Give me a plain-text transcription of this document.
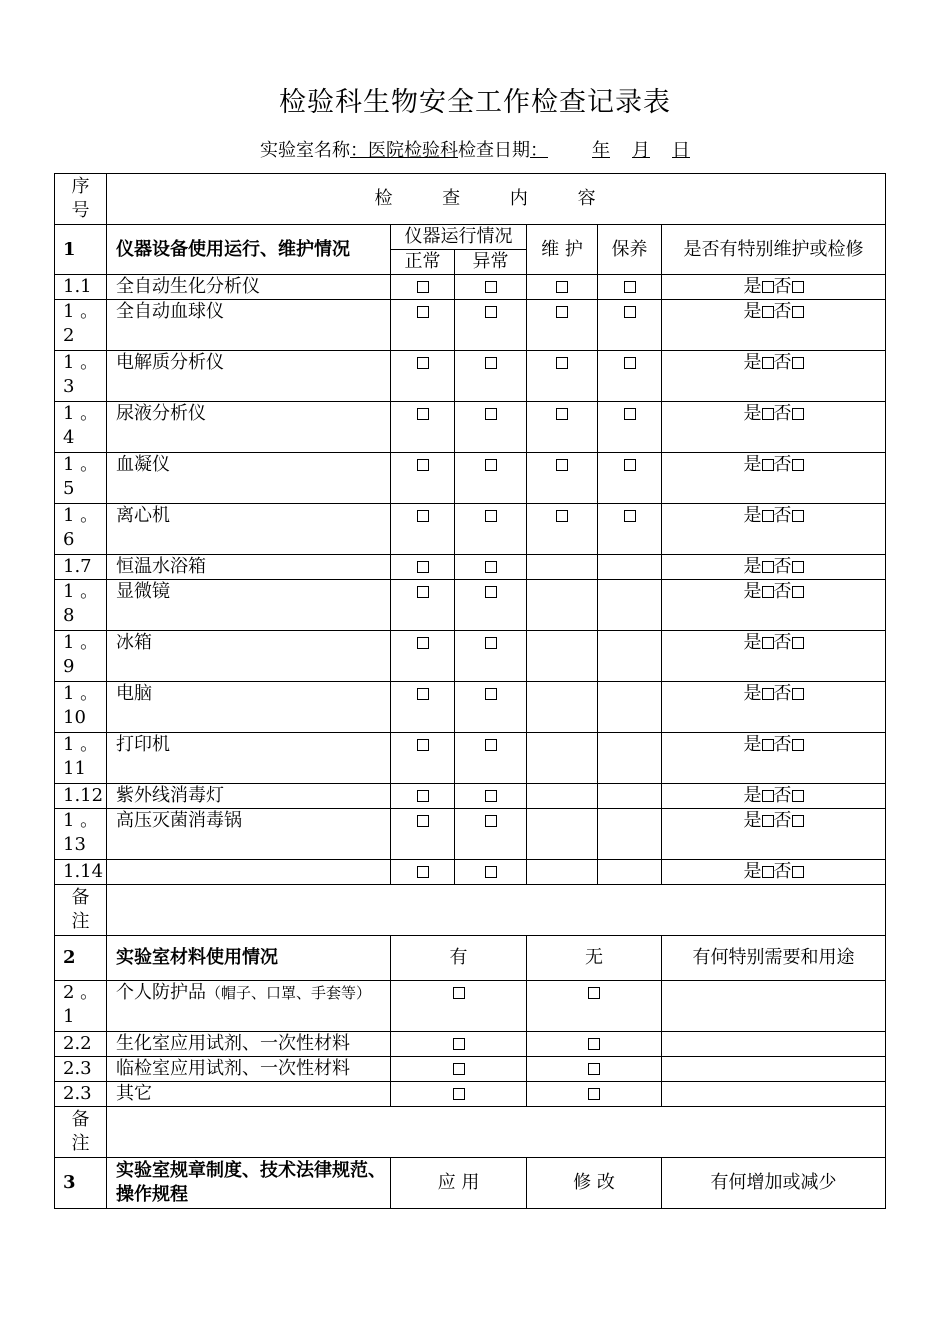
检验科生物安全工作检查记录表
实验室名称：医院检验科检查日期： 年 月 日
序号	检 查 内 容					
1	仪器设备使用运行、维护情况	仪器运行情况		维 护	保养	是否有特别维护或检修
		正常	异常			
1.1	全自动生化分析仪					是 否
1 。2	全自动血球仪					是 否
1 。3	电解质分析仪					是 否
1 。4	尿液分析仪					是 否
1 。5	血凝仪					是 否
1 。6	离心机					是 否
1.7	恒温水浴箱					是 否
1 。8	显微镜					是 否
1 。9	冰箱					是 否
1 。10	电脑					是 否
1 。11	打印机					是 否
1.12	紫外线消毒灯					是 否
1 。13	高压灭菌消毒锅					是 否
1.14						是 否

备注						

2	实验室材料使用情况	有		无		有何特别需要和用途
2 。1	个人防护品（帽子、口罩、手套等）					
2.2	生化室应用试剂、一次性材料					
2.3	临检室应用试剂、一次性材料					
2.3	其它					

备注						

3	实验室规章制度、技术法律规范、操作规程	应 用		修 改		有何增加或减少
